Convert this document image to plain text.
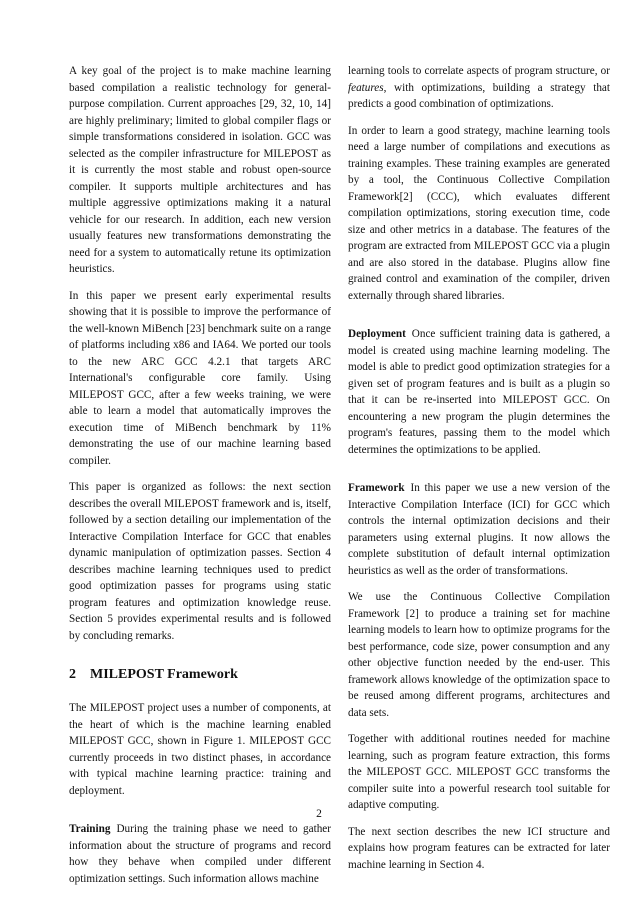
A key goal of the project is to make machine learning based compilation a realistic technology for general-purpose compilation. Current approaches [29, 32, 10, 14] are highly preliminary; limited to global compiler flags or simple transformations considered in isolation. GCC was selected as the compiler infrastructure for MILEPOST as it is currently the most stable and robust open-source compiler. It supports multiple architectures and has multiple aggressive optimizations making it a natural vehicle for our research. In addition, each new version usually features new transformations demonstrating the need for a system to automatically retune its optimization heuristics.

In this paper we present early experimental results showing that it is possible to improve the performance of the well-known MiBench [23] benchmark suite on a range of platforms including x86 and IA64. We ported our tools to the new ARC GCC 4.2.1 that targets ARC International's configurable core family. Using MILEPOST GCC, after a few weeks training, we were able to learn a model that automatically improves the execution time of MiBench benchmark by 11% demonstrating the use of our machine learning based compiler.

This paper is organized as follows: the next section describes the overall MILEPOST framework and is, itself, followed by a section detailing our implementation of the Interactive Compilation Interface for GCC that enables dynamic manipulation of optimization passes. Section 4 describes machine learning techniques used to predict good optimization passes for programs using static program features and optimization knowledge reuse. Section 5 provides experimental results and is followed by concluding remarks.

2 MILEPOST Framework

The MILEPOST project uses a number of components, at the heart of which is the machine learning enabled MILEPOST GCC, shown in Figure 1. MILEPOST GCC currently proceeds in two distinct phases, in accordance with typical machine learning practice: training and deployment.

Training During the training phase we need to gather information about the structure of programs and record how they behave when compiled under different optimization settings. Such information allows machine

learning tools to correlate aspects of program structure, or features, with optimizations, building a strategy that predicts a good combination of optimizations.

In order to learn a good strategy, machine learning tools need a large number of compilations and executions as training examples. These training examples are generated by a tool, the Continuous Collective Compilation Framework[2] (CCC), which evaluates different compilation optimizations, storing execution time, code size and other metrics in a database. The features of the program are extracted from MILEPOST GCC via a plugin and are also stored in the database. Plugins allow fine grained control and examination of the compiler, driven externally through shared libraries.

Deployment Once sufficient training data is gathered, a model is created using machine learning modeling. The model is able to predict good optimization strategies for a given set of program features and is built as a plugin so that it can be re-inserted into MILEPOST GCC. On encountering a new program the plugin determines the program's features, passing them to the model which determines the optimizations to be applied.

Framework In this paper we use a new version of the Interactive Compilation Interface (ICI) for GCC which controls the internal optimization decisions and their parameters using external plugins. It now allows the complete substitution of default internal optimization heuristics as well as the order of transformations.

We use the Continuous Collective Compilation Framework [2] to produce a training set for machine learning models to learn how to optimize programs for the best performance, code size, power consumption and any other objective function needed by the end-user. This framework allows knowledge of the optimization space to be reused among different programs, architectures and data sets.

Together with additional routines needed for machine learning, such as program feature extraction, this forms the MILEPOST GCC. MILEPOST GCC transforms the compiler suite into a powerful research tool suitable for adaptive computing.

The next section describes the new ICI structure and explains how program features can be extracted for later machine learning in Section 4.

2
